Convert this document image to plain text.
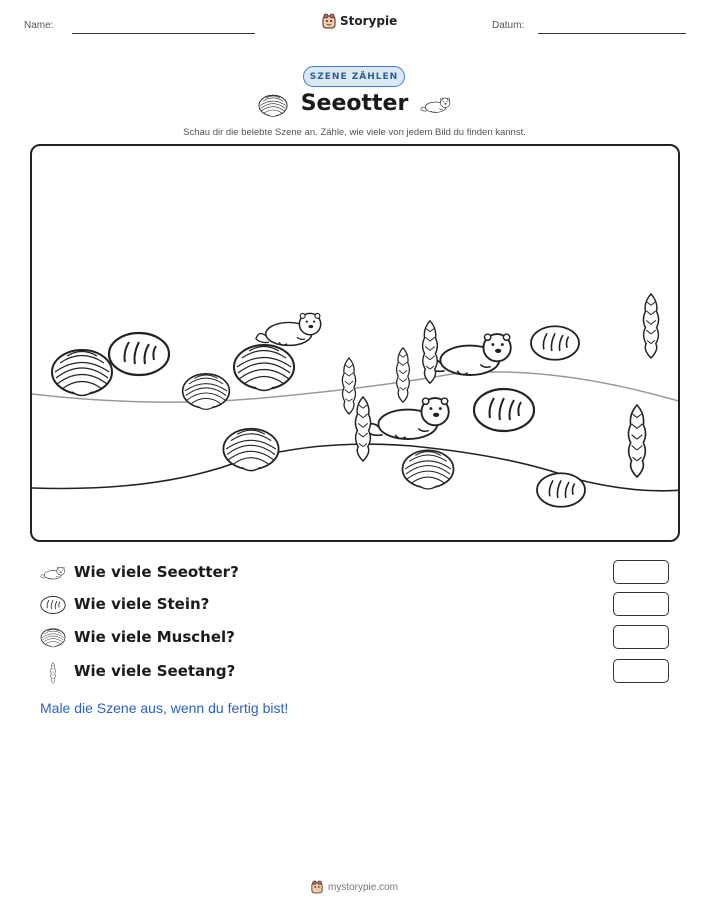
Name:	Storypie	Datum:
SZENE ZÄHLEN
Seeotter
Schau dir die belebte Szene an. Zähle, wie viele von jedem Bild du finden kannst.
Wie viele Seeotter?
Wie viele Stein?
Wie viele Muschel?
Wie viele Seetang?
Male die Szene aus, wenn du fertig bist!
mystorypie.com
